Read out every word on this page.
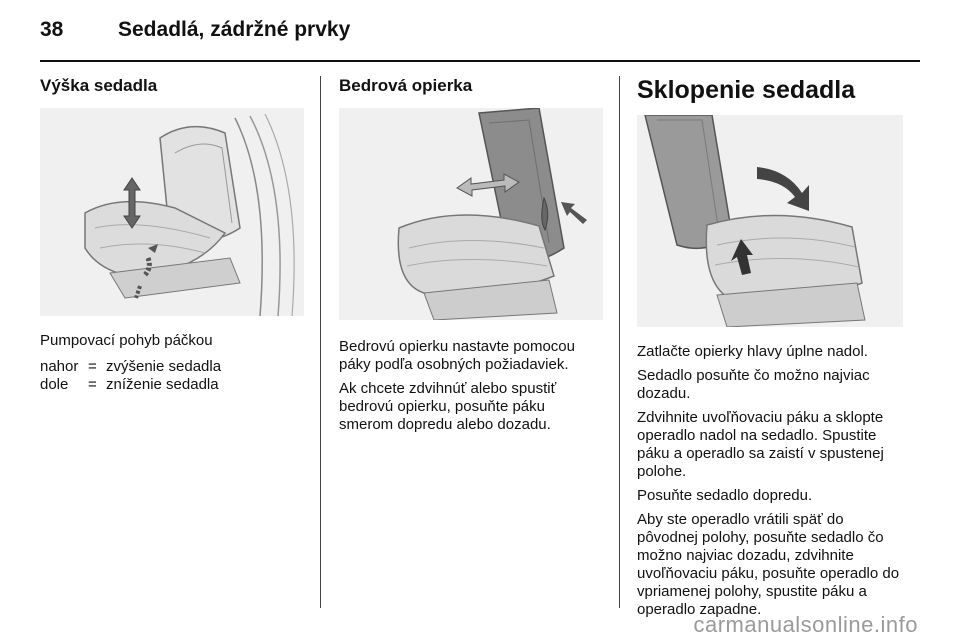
38	Sedadlá, zádržné prvky
Výška sedadla

Pumpovací pohyb páčkou

nahor = zvýšenie sedadla
dole	= zníženie sedadla
Bedrová opierka

Bedrovú opierku nastavte pomocou páky podľa osobných požiadaviek.

Ak chcete zdvihnúť alebo spustiť bedrovú opierku, posuňte páku smerom dopredu alebo dozadu.

Sklopenie sedadla

Zatlačte opierky hlavy úplne nadol.

Sedadlo posuňte čo možno najviac dozadu.

Zdvihnite uvoľňovaciu páku a sklopte operadlo nadol na sedadlo. Spustite páku a operadlo sa zaistí v spustenej polohe.

Posuňte sedadlo dopredu.

Aby ste operadlo vrátili späť do pôvodnej polohy, posuňte sedadlo čo možno najviac dozadu, zdvihnite uvoľňovaciu páku, posuňte operadlo do vpriamenej polohy, spustite páku a operadlo zapadne.

carmanualsonline.info
